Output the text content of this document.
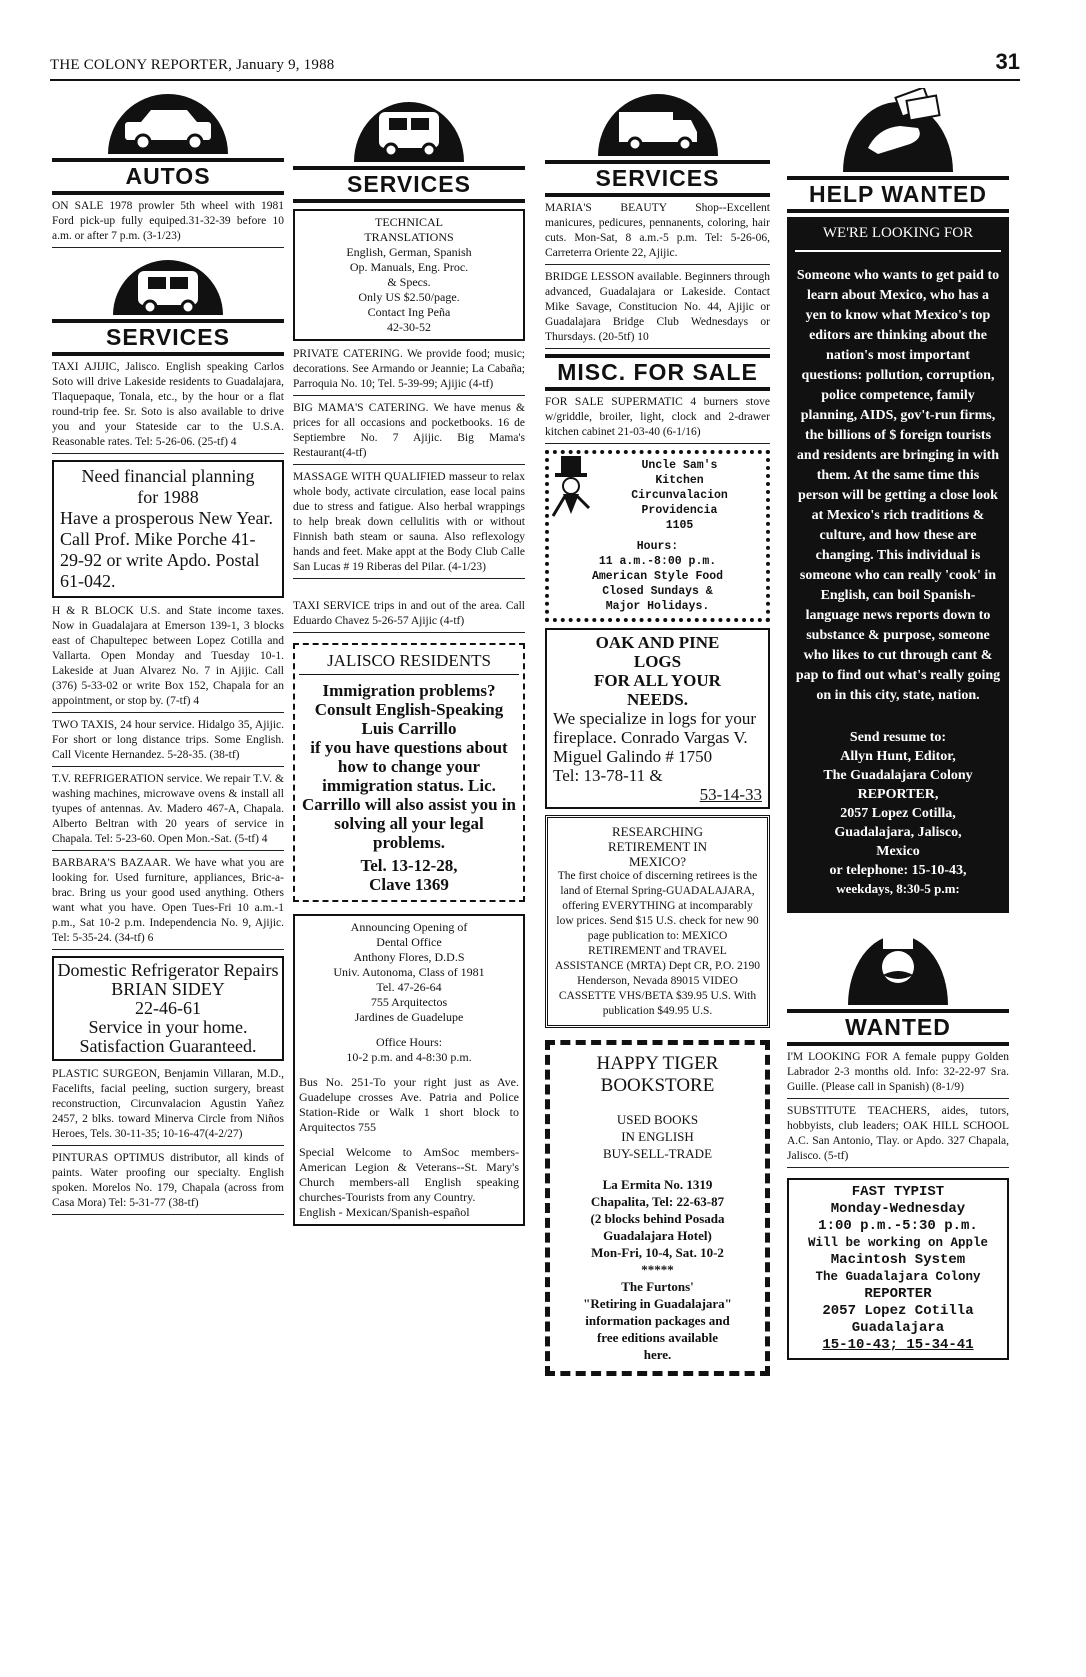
THE COLONY REPORTER, January 9, 1988	31
AUTOS

ON SALE 1978 prowler 5th wheel with 1981 Ford pick-up fully equiped.31-32-39 before 10 a.m. or after 7 p.m. (3-1/23)

SERVICES

TAXI AJIJIC, Jalisco. English speaking Carlos Soto will drive Lakeside residents to Guadalajara, Tlaquepaque, Tonala, etc., by the hour or a flat round-trip fee. Sr. Soto is also available to drive you and your Stateside car to the U.S.A. Reasonable rates. Tel: 5-26-06. (25-tf) 4

Need financial planning
for 1988
Have a prosperous New Year. Call Prof. Mike Porche 41-29-92 or write Apdo. Postal 61-042.

H & R BLOCK U.S. and State income taxes. Now in Guadalajara at Emerson 139-1, 3 blocks east of Chapultepec between Lopez Cotilla and Vallarta. Open Monday and Tuesday 10-1. Lakeside at Juan Alvarez No. 7 in Ajijic. Call (376) 5-33-02 or write Box 152, Chapala for an appointment, or stop by. (7-tf) 4

TWO TAXIS, 24 hour service. Hidalgo 35, Ajijic. For short or long distance trips. Some English. Call Vicente Hernandez. 5-28-35. (38-tf)

T.V. REFRIGERATION service. We repair T.V. & washing machines, microwave ovens & install all tyupes of antennas. Av. Madero 467-A, Chapala. Alberto Beltran with 20 years of service in Chapala. Tel: 5-23-60. Open Mon.-Sat. (5-tf) 4

BARBARA'S BAZAAR. We have what you are looking for. Used furniture, appliances, Bric-a-brac. Bring us your good used anything. Others want what you have. Open Tues-Fri 10 a.m.-1 p.m., Sat 10-2 p.m. Independencia No. 9, Ajijic. Tel: 5-35-24. (34-tf) 6

Domestic Refrigerator Repairs
BRIAN SIDEY
22-46-61
Service in your home.
Satisfaction Guaranteed.

PLASTIC SURGEON, Benjamin Villaran, M.D., Facelifts, facial peeling, suction surgery, breast reconstruction, Circunvalacion Agustin Yañez 2457, 2 blks. toward Minerva Circle from Niños Heroes, Tels. 30-11-35; 10-16-47(4-2/27)

PINTURAS OPTIMUS distributor, all kinds of paints. Water proofing our specialty. English spoken. Morelos No. 179, Chapala (across from Casa Mora) Tel: 5-31-77 (38-tf)

SERVICES
TECHNICAL
TRANSLATIONS
English, German, Spanish
Op. Manuals, Eng. Proc.
& Specs.
Only US $2.50/page.
Contact Ing Peña
42-30-52

PRIVATE CATERING. We provide food; music; decorations. See Armando or Jeannie; La Cabaña; Parroquia No. 10; Tel. 5-39-99; Ajijic (4-tf)

BIG MAMA'S CATERING. We have menus & prices for all occasions and pocketbooks. 16 de Septiembre No. 7 Ajijic. Big Mama's Restaurant(4-tf)

MASSAGE WITH QUALIFIED masseur to relax whole body, activate circulation, ease local pains due to stress and fatigue. Also herbal wrappings to help break down cellulitis with or without Finnish bath steam or sauna. Also reflexology hands and feet. Make appt at the Body Club Calle San Lucas # 19 Riberas del Pilar. (4-1/23)

TAXI SERVICE trips in and out of the area. Call Eduardo Chavez 5-26-57 Ajijic (4-tf)

JALISCO RESIDENTS
Immigration problems? Consult English-Speaking Luis Carrillo
if you have questions about how to change your immigration status. Lic. Carrillo will also assist you in solving all your legal problems.
Tel. 13-12-28,
Clave 1369
Announcing Opening of
Dental Office
Anthony Flores, D.D.S
Univ. Autonoma, Class of 1981
Tel. 47-26-64
755 Arquitectos
Jardines de Guadelupe
Office Hours:
10-2 p.m. and 4-8:30 p.m.
Bus No. 251-To your right just as Ave. Guadelupe crosses Ave. Patria and Police Station-Ride or Walk 1 short block to Arquitectos 755
Special Welcome to AmSoc members-American Legion & Veterans--St. Mary's Church members-all English speaking churches-Tourists from any Country.
English - Mexican/Spanish-español
SERVICES

MARIA'S BEAUTY Shop--Excellent manicures, pedicures, pennanents, coloring, hair cuts. Mon-Sat, 8 a.m.-5 p.m. Tel: 5-26-06, Carreterra Oriente 22, Ajijic.

BRIDGE LESSON available. Beginners through advanced, Guadalajara or Lakeside. Contact Mike Savage, Constitucion No. 44, Ajijic or Guadalajara Bridge Club Wednesdays or Thursdays. (20-5tf) 10

MISC. FOR SALE

FOR SALE SUPERMATIC 4 burners stove w/griddle, broiler, light, clock and 2-drawer kitchen cabinet 21-03-40 (6-1/16)

Uncle Sam's
Kitchen
Circunvalacion
Providencia
1105
Hours:
11 a.m.-8:00 p.m.
American Style Food
Closed Sundays &
Major Holidays.
OAK AND PINE
LOGS
FOR ALL YOUR
NEEDS.
We specialize in logs for your fireplace. Conrado Vargas V.
Miguel Galindo # 1750
Tel: 13-78-11 &
53-14-33
RESEARCHING
RETIREMENT IN
MEXICO?
The first choice of discerning retirees is the land of Eternal Spring-GUADALAJARA, offering EVERYTHING at incomparably low prices. Send $15 U.S. check for new 90 page publication to: MEXICO RETIREMENT and TRAVEL ASSISTANCE (MRTA) Dept CR, P.O. 2190 Henderson, Nevada 89015 VIDEO CASSETTE VHS/BETA $39.95 U.S. With publication $49.95 U.S.
HAPPY TIGER
BOOKSTORE
USED BOOKS
IN ENGLISH
BUY-SELL-TRADE
La Ermita No. 1319
Chapalita, Tel: 22-63-87
(2 blocks behind Posada
Guadalajara Hotel)
Mon-Fri, 10-4, Sat. 10-2
*****
The Furtons'
"Retiring in Guadalajara"
information packages and
free editions available
here.
HELP WANTED
WE'RE LOOKING FOR
Someone who wants to get paid to learn about Mexico, who has a yen to know what Mexico's top editors are thinking about the nation's most important questions: pollution, corruption, police competence, family planning, AIDS, gov't-run firms, the billions of $ foreign tourists and residents are bringing in with them. At the same time this person will be getting a close look at Mexico's rich traditions & culture, and how these are changing. This individual is someone who can really 'cook' in English, can boil Spanish-language news reports down to substance & purpose, someone who likes to cut through cant & pap to find out what's really going on in this city, state, nation.
Send resume to:
Allyn Hunt, Editor,
The Guadalajara Colony
REPORTER,
2057 Lopez Cotilla,
Guadalajara, Jalisco,
Mexico
or telephone: 15-10-43,
weekdays, 8:30-5 p.m:
WANTED

I'M LOOKING FOR A female puppy Golden Labrador 2-3 months old. Info: 32-22-97 Sra. Guille. (Please call in Spanish) (8-1/9)

SUBSTITUTE TEACHERS, aides, tutors, hobbyists, club leaders; OAK HILL SCHOOL A.C. San Antonio, Tlay. or Apdo. 327 Chapala, Jalisco. (5-tf)

FAST TYPIST
Monday-Wednesday
1:00 p.m.-5:30 p.m.
Will be working on Apple
Macintosh System
The Guadalajara Colony
REPORTER
2057 Lopez Cotilla
Guadalajara
15-10-43; 15-34-41
